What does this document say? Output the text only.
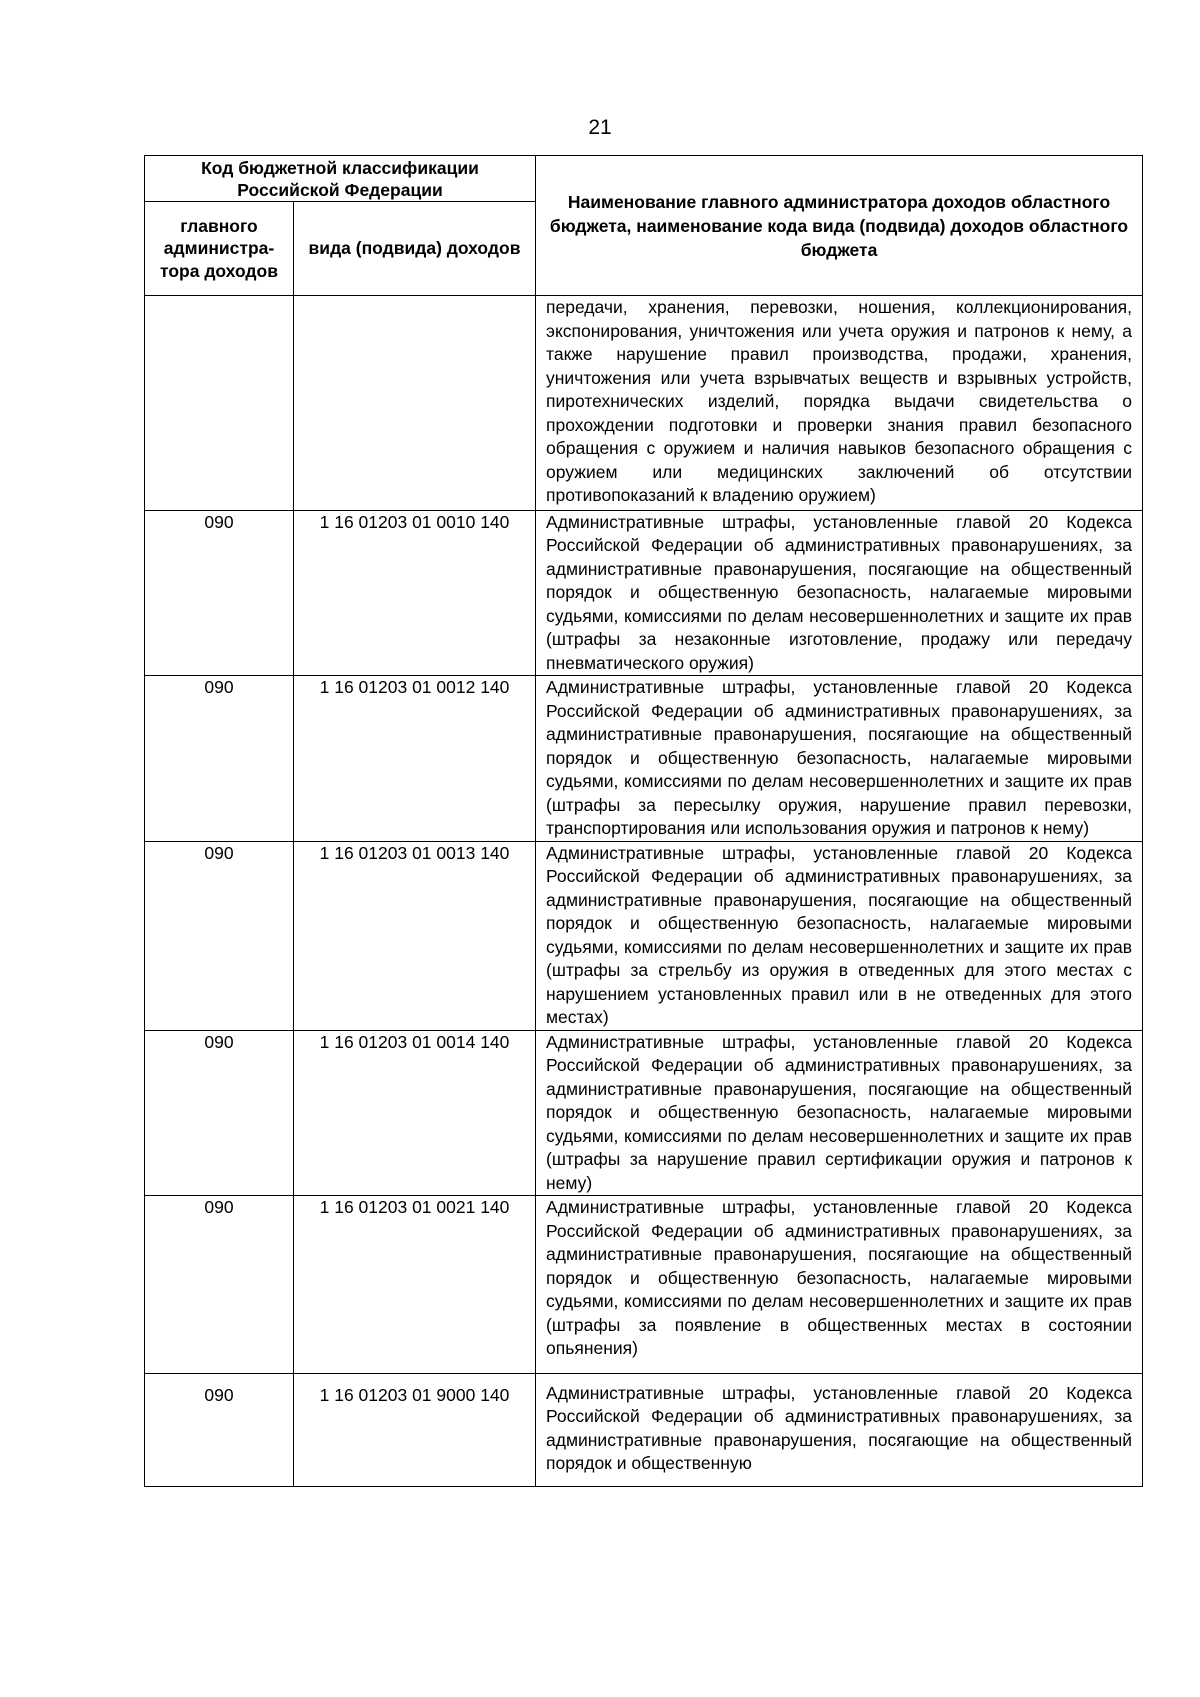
21
Код бюджетной классификации Российской Федерации		Наименование главного администратора доходов областного бюджета, наименование кода вида (подвида) доходов областного бюджета
главного администра-тора доходов	вида (подвида) доходов	
		передачи, хранения, перевозки, ношения, коллекционирования, экспонирования, уничтожения или учета оружия и патронов к нему, а также нарушение правил производства, продажи, хранения, уничтожения или учета взрывчатых веществ и взрывных устройств, пиротехнических изделий, порядка выдачи свидетельства о прохождении подготовки и проверки знания правил безопасного обращения с оружием и наличия навыков безопасного обращения с оружием или медицинских заключений об отсутствии противопоказаний к владению оружием)
090	1 16 01203 01 0010 140	Административные штрафы, установленные главой 20 Кодекса Российской Федерации об административных правонарушениях, за административные правонарушения, посягающие на общественный порядок и общественную безопасность, налагаемые мировыми судьями, комиссиями по делам несовершеннолетних и защите их прав (штрафы за незаконные изготовление, продажу или передачу пневматического оружия)
090	1 16 01203 01 0012 140	Административные штрафы, установленные главой 20 Кодекса Российской Федерации об административных правонарушениях, за административные правонарушения, посягающие на общественный порядок и общественную безопасность, налагаемые мировыми судьями, комиссиями по делам несовершеннолетних и защите их прав (штрафы за пересылку оружия, нарушение правил перевозки, транспортирования или использования оружия и патронов к нему)
090	1 16 01203 01 0013 140	Административные штрафы, установленные главой 20 Кодекса Российской Федерации об административных правонарушениях, за административные правонарушения, посягающие на общественный порядок и общественную безопасность, налагаемые мировыми судьями, комиссиями по делам несовершеннолетних и защите их прав (штрафы за стрельбу из оружия в отведенных для этого местах с нарушением установленных правил или в не отведенных для этого местах)
090	1 16 01203 01 0014 140	Административные штрафы, установленные главой 20 Кодекса Российской Федерации об административных правонарушениях, за административные правонарушения, посягающие на общественный порядок и общественную безопасность, налагаемые мировыми судьями, комиссиями по делам несовершеннолетних и защите их прав (штрафы за нарушение правил сертификации оружия и патронов к нему)
090	1 16 01203 01 0021 140	Административные штрафы, установленные главой 20 Кодекса Российской Федерации об административных правонарушениях, за административные правонарушения, посягающие на общественный порядок и общественную безопасность, налагаемые мировыми судьями, комиссиями по делам несовершеннолетних и защите их прав (штрафы за появление в общественных местах в состоянии опьянения)
090	1 16 01203 01 9000 140	Административные штрафы, установленные главой 20 Кодекса Российской Федерации об административных правонарушениях, за административные правонарушения, посягающие на общественный порядок и общественную
